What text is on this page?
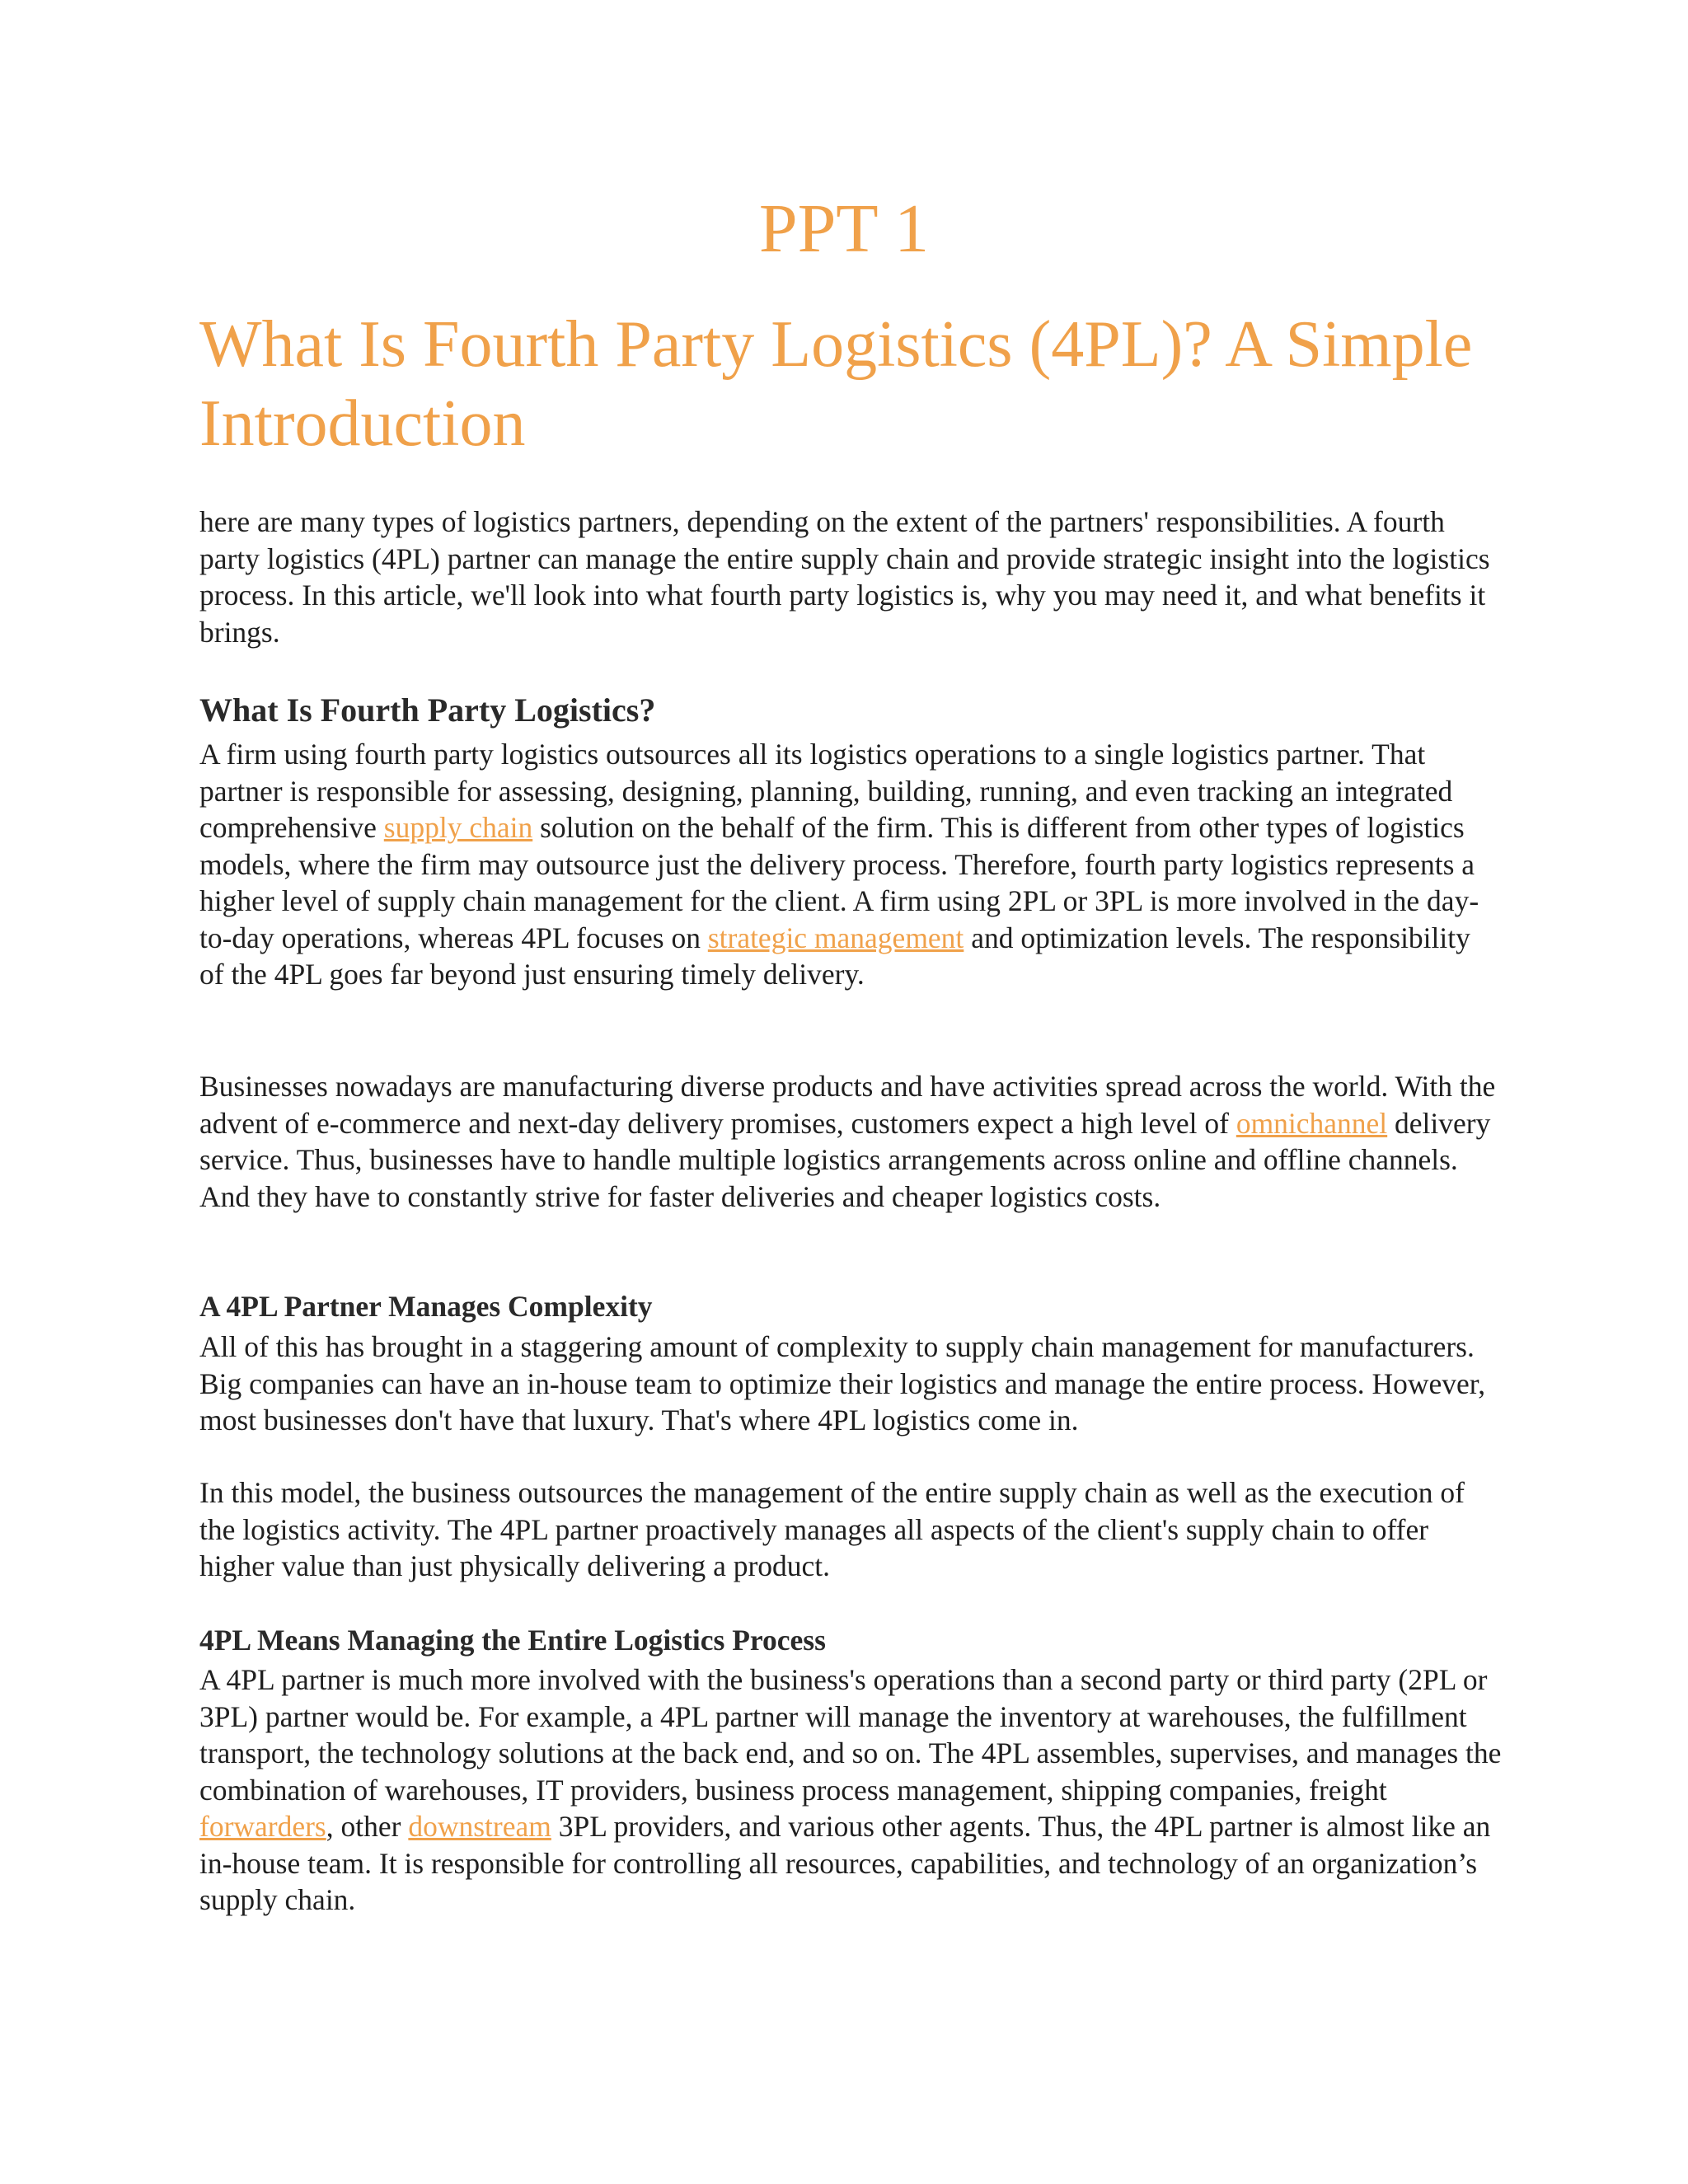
PPT 1
What Is Fourth Party Logistics (4PL)? A Simple Introduction

here are many types of logistics partners, depending on the extent of the partners' responsibilities. A fourth party logistics (4PL) partner can manage the entire supply chain and provide strategic insight into the logistics process. In this article, we'll look into what fourth party logistics is, why you may need it, and what benefits it brings.

What Is Fourth Party Logistics?

A firm using fourth party logistics outsources all its logistics operations to a single logistics partner. That partner is responsible for assessing, designing, planning, building, running, and even tracking an integrated comprehensive supply chain solution on the behalf of the firm. This is different from other types of logistics models, where the firm may outsource just the delivery process. Therefore, fourth party logistics represents a higher level of supply chain management for the client. A firm using 2PL or 3PL is more involved in the day-to-day operations, whereas 4PL focuses on strategic management and optimization levels. The responsibility of the 4PL goes far beyond just ensuring timely delivery.

Businesses nowadays are manufacturing diverse products and have activities spread across the world. With the advent of e-commerce and next-day delivery promises, customers expect a high level of omnichannel delivery service. Thus, businesses have to handle multiple logistics arrangements across online and offline channels. And they have to constantly strive for faster deliveries and cheaper logistics costs.

A 4PL Partner Manages Complexity

All of this has brought in a staggering amount of complexity to supply chain management for manufacturers. Big companies can have an in-house team to optimize their logistics and manage the entire process. However, most businesses don't have that luxury. That's where 4PL logistics come in.

In this model, the business outsources the management of the entire supply chain as well as the execution of the logistics activity. The 4PL partner proactively manages all aspects of the client's supply chain to offer higher value than just physically delivering a product.

4PL Means Managing the Entire Logistics Process

A 4PL partner is much more involved with the business's operations than a second party or third party (2PL or 3PL) partner would be. For example, a 4PL partner will manage the inventory at warehouses, the fulfillment transport, the technology solutions at the back end, and so on. The 4PL assembles, supervises, and manages the combination of warehouses, IT providers, business process management, shipping companies, freight forwarders, other downstream 3PL providers, and various other agents. Thus, the 4PL partner is almost like an in-house team. It is responsible for controlling all resources, capabilities, and technology of an organization’s supply chain.
